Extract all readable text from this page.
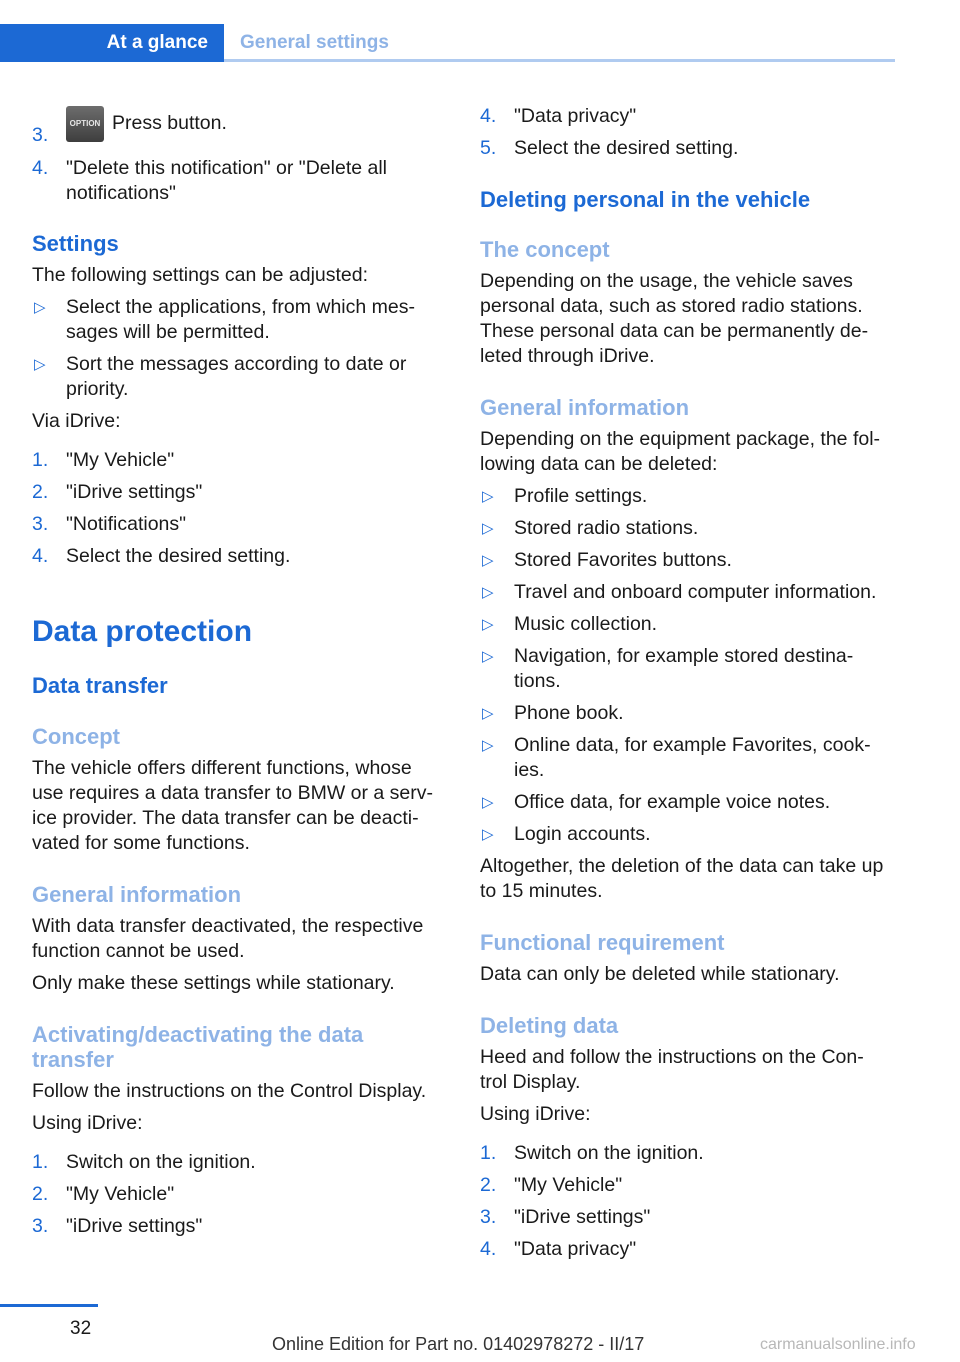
At a glance General settings
3.
OPTION Press button.
4. "Delete this notification" or "Delete all
notifications"
Settings
The following settings can be adjusted:
▷ Select the applications, from which mes-
sages will be permitted.
▷ Sort the messages according to date or
priority.
Via iDrive:
1. "My Vehicle"
2. "iDrive settings"
3. "Notifications"
4. Select the desired setting.
Data protection
Data transfer
Concept
The vehicle offers different functions, whose
use requires a data transfer to BMW or a serv-
ice provider. The data transfer can be deacti-
vated for some functions.
General information
With data transfer deactivated, the respective
function cannot be used.
Only make these settings while stationary.
Activating/deactivating the data
transfer
Follow the instructions on the Control Display.
Using iDrive:
1. Switch on the ignition.
2. "My Vehicle"
3. "iDrive settings"
4. "Data privacy"
5. Select the desired setting.
Deleting personal in the vehicle
The concept
Depending on the usage, the vehicle saves
personal data, such as stored radio stations.
These personal data can be permanently de-
leted through iDrive.
General information
Depending on the equipment package, the fol-
lowing data can be deleted:
▷ Profile settings.
▷ Stored radio stations.
▷ Stored Favorites buttons.
▷ Travel and onboard computer information.
▷ Music collection.
▷ Navigation, for example stored destina-
tions.
▷ Phone book.
▷ Online data, for example Favorites, cook-
ies.
▷ Office data, for example voice notes.
▷ Login accounts.
Altogether, the deletion of the data can take up
to 15 minutes.
Functional requirement
Data can only be deleted while stationary.
Deleting data
Heed and follow the instructions on the Con-
trol Display.
Using iDrive:
1. Switch on the ignition.
2. "My Vehicle"
3. "iDrive settings"
4. "Data privacy"
32
Online Edition for Part no. 01402978272 - II/17	carmanualsonline.info
